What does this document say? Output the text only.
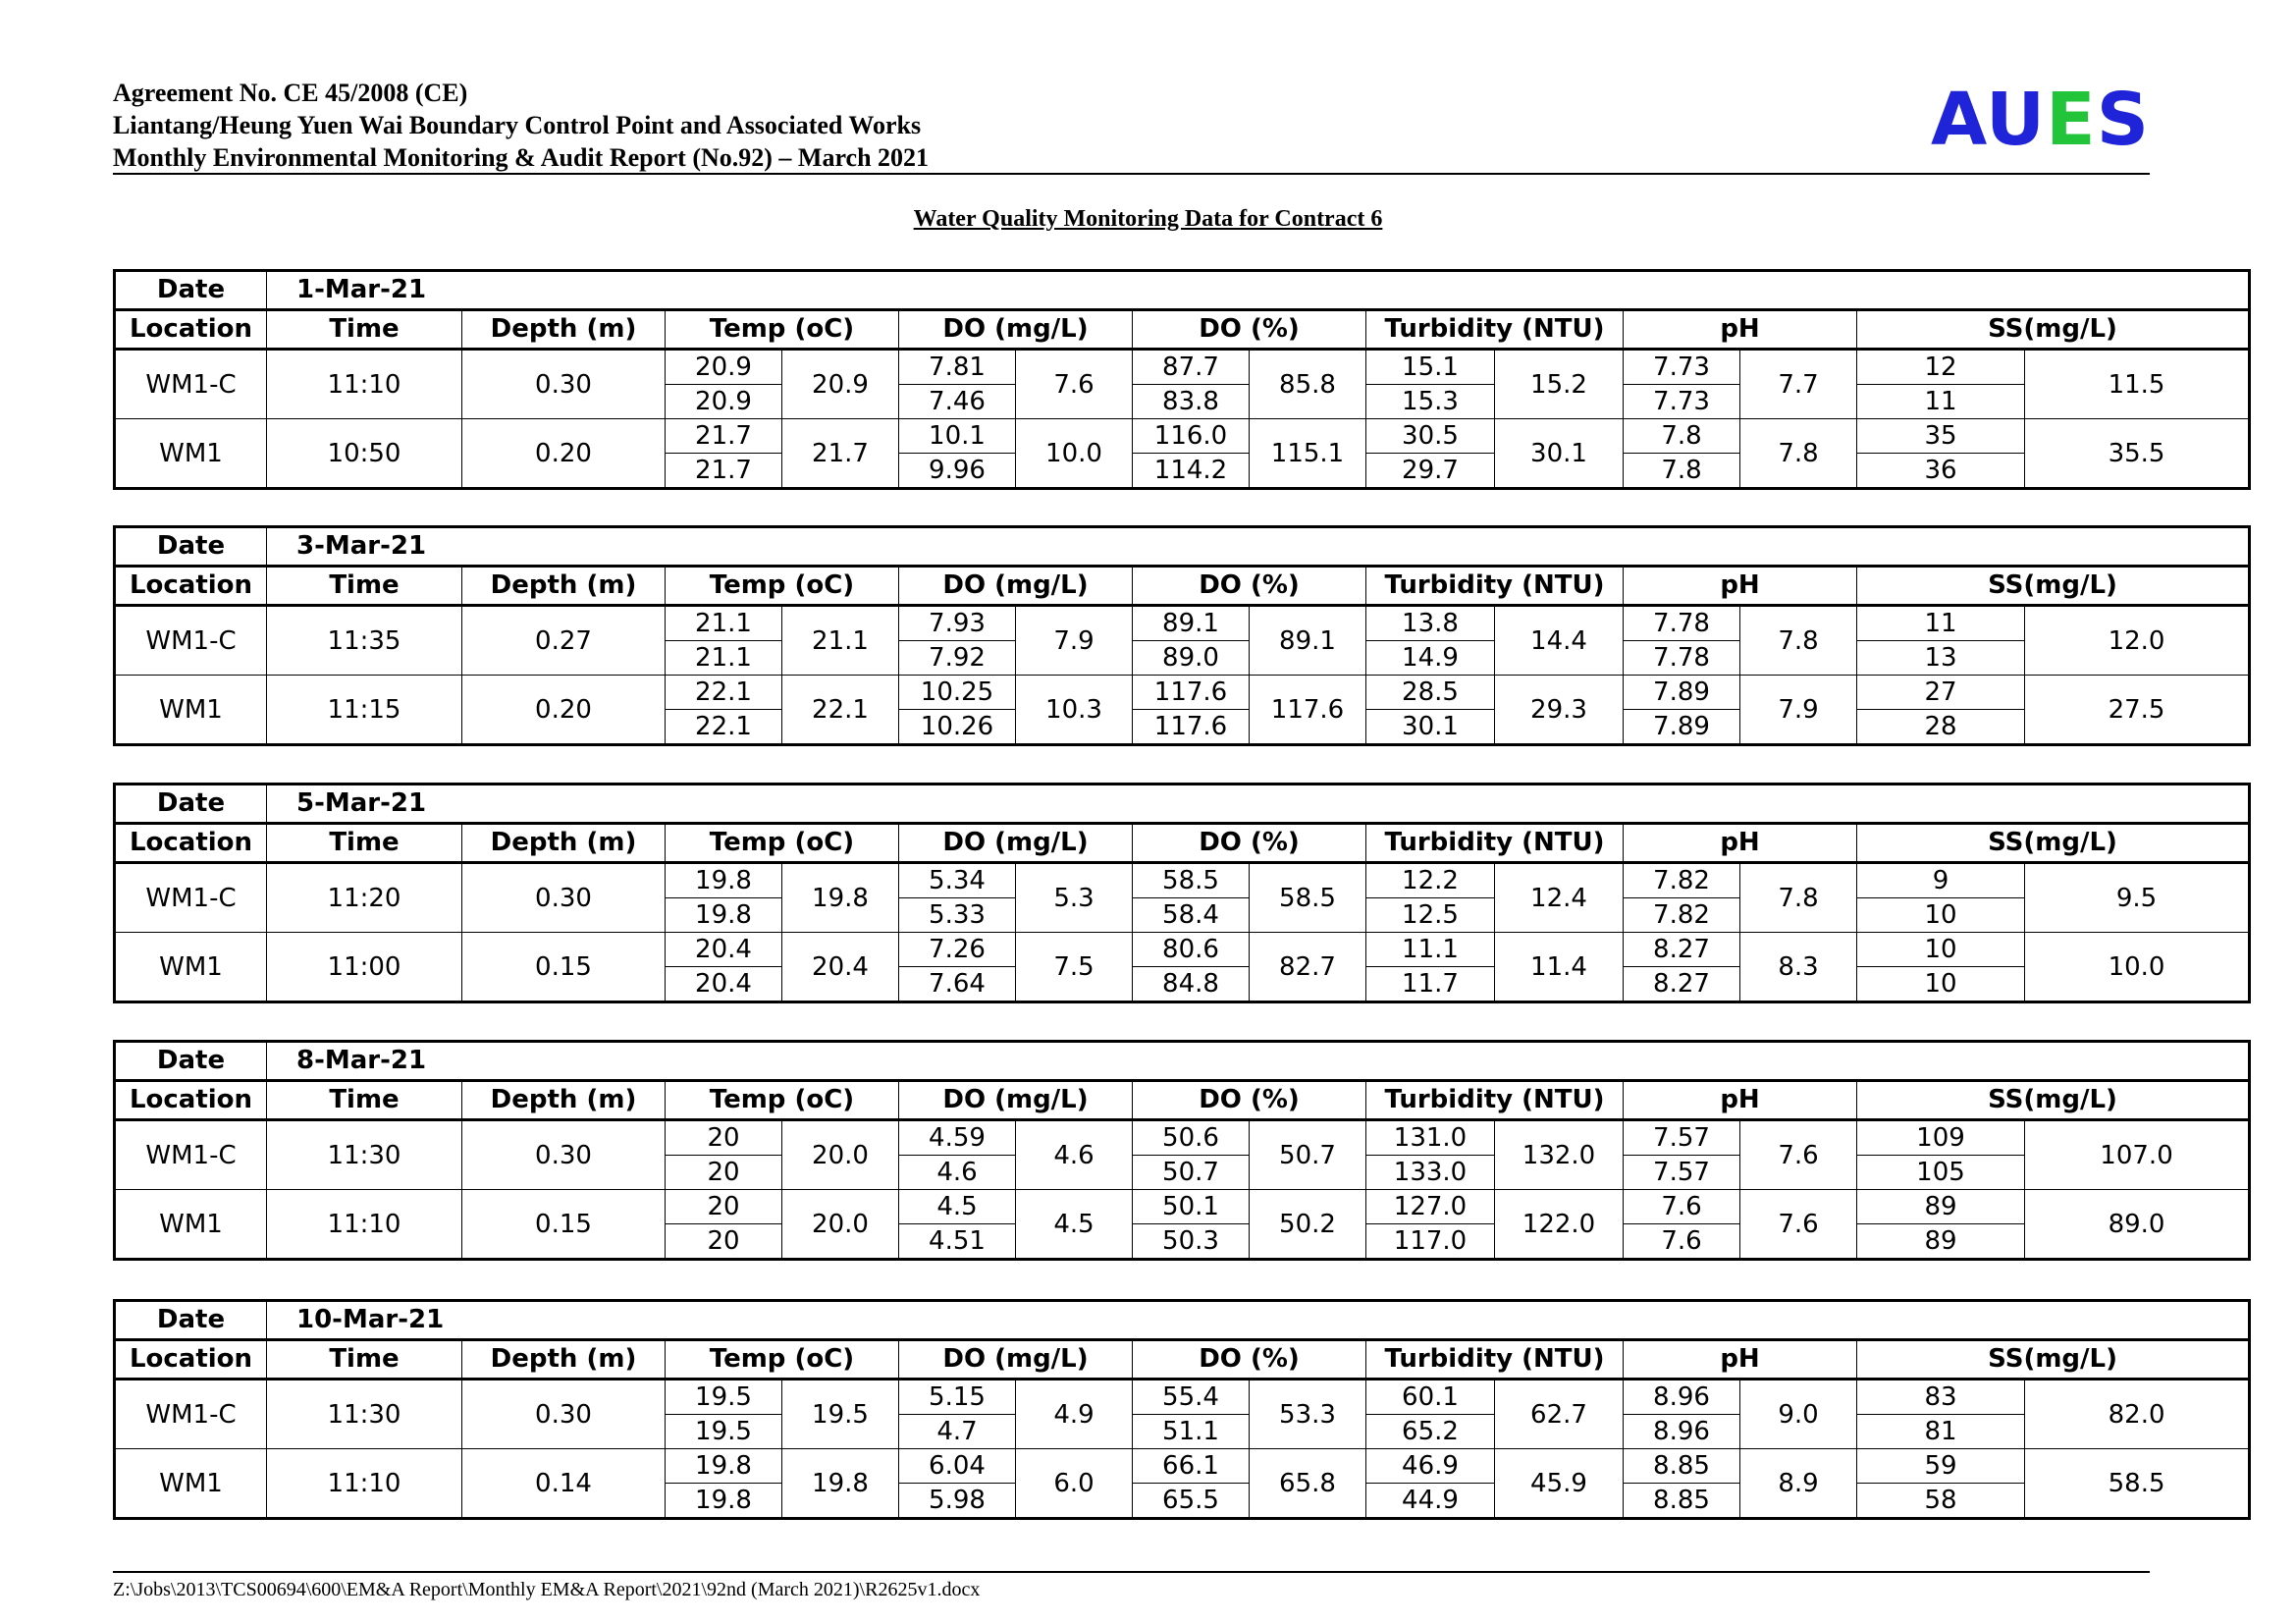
Agreement No. CE 45/2008 (CE)
Liantang/Heung Yuen Wai Boundary Control Point and Associated Works
Monthly Environmental Monitoring & Audit Report (No.92) – March 2021	AUES
Water Quality Monitoring Data for Contract 6
Date	1-Mar-21													
Location	Time	Depth (m)	Temp (oC)		DO (mg/L)		DO (%)		Turbidity (NTU)		pH		SS(mg/L)	
WM1-C	11:10	0.30	20.9	20.9	7.81	7.6	87.7	85.8	15.1	15.2	7.73	7.7	12	11.5
			20.9		7.46		83.8		15.3		7.73		11	
WM1	10:50	0.20	21.7	21.7	10.1	10.0	116.0	115.1	30.5	30.1	7.8	7.8	35	35.5
			21.7		9.96		114.2		29.7		7.8		36	
Date	3-Mar-21													
Location	Time	Depth (m)	Temp (oC)		DO (mg/L)		DO (%)		Turbidity (NTU)		pH		SS(mg/L)	
WM1-C	11:35	0.27	21.1	21.1	7.93	7.9	89.1	89.1	13.8	14.4	7.78	7.8	11	12.0
			21.1		7.92		89.0		14.9		7.78		13	
WM1	11:15	0.20	22.1	22.1	10.25	10.3	117.6	117.6	28.5	29.3	7.89	7.9	27	27.5
			22.1		10.26		117.6		30.1		7.89		28	
Date	5-Mar-21													
Location	Time	Depth (m)	Temp (oC)		DO (mg/L)		DO (%)		Turbidity (NTU)		pH		SS(mg/L)	
WM1-C	11:20	0.30	19.8	19.8	5.34	5.3	58.5	58.5	12.2	12.4	7.82	7.8	9	9.5
			19.8		5.33		58.4		12.5		7.82		10	
WM1	11:00	0.15	20.4	20.4	7.26	7.5	80.6	82.7	11.1	11.4	8.27	8.3	10	10.0
			20.4		7.64		84.8		11.7		8.27		10	
Date	8-Mar-21													
Location	Time	Depth (m)	Temp (oC)		DO (mg/L)		DO (%)		Turbidity (NTU)		pH		SS(mg/L)	
WM1-C	11:30	0.30	20	20.0	4.59	4.6	50.6	50.7	131.0	132.0	7.57	7.6	109	107.0
			20		4.6		50.7		133.0		7.57		105	
WM1	11:10	0.15	20	20.0	4.5	4.5	50.1	50.2	127.0	122.0	7.6	7.6	89	89.0
			20		4.51		50.3		117.0		7.6		89	
Date	10-Mar-21													
Location	Time	Depth (m)	Temp (oC)		DO (mg/L)		DO (%)		Turbidity (NTU)		pH		SS(mg/L)	
WM1-C	11:30	0.30	19.5	19.5	5.15	4.9	55.4	53.3	60.1	62.7	8.96	9.0	83	82.0
			19.5		4.7		51.1		65.2		8.96		81	
WM1	11:10	0.14	19.8	19.8	6.04	6.0	66.1	65.8	46.9	45.9	8.85	8.9	59	58.5
			19.8		5.98		65.5		44.9		8.85		58	
Z:\Jobs\2013\TCS00694\600\EM&A Report\Monthly EM&A Report\2021\92nd (March 2021)\R2625v1.docx
